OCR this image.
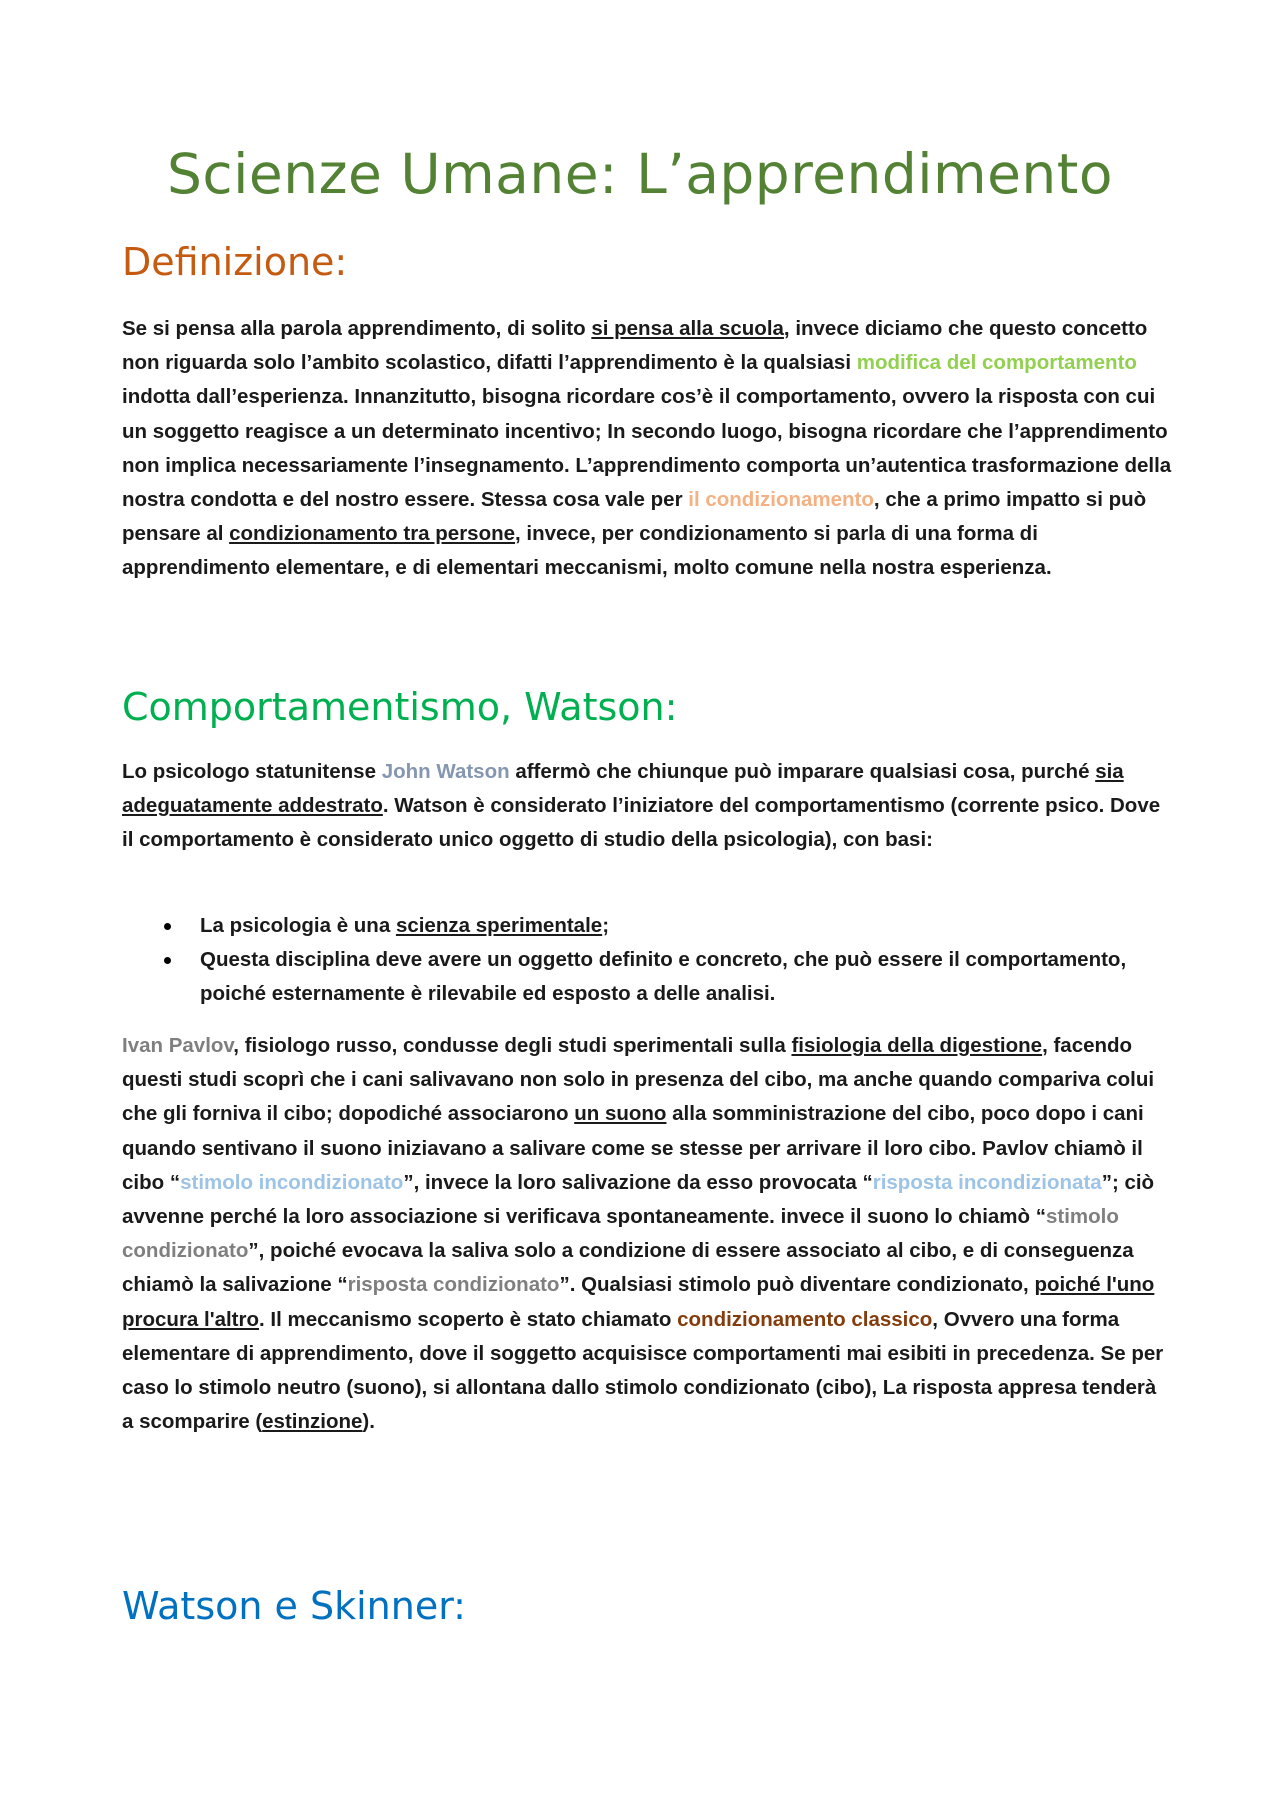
Scienze Umane: L’apprendimento
Definizione:

Se si pensa alla parola apprendimento, di solito si pensa alla scuola, invece diciamo che questo concetto non riguarda solo l’ambito scolastico, difatti l’apprendimento è la qualsiasi modifica del comportamento indotta dall’esperienza. Innanzitutto, bisogna ricordare cos’è il comportamento, ovvero la risposta con cui un soggetto reagisce a un determinato incentivo; In secondo luogo, bisogna ricordare che l’apprendimento non implica necessariamente l’insegnamento. L’apprendimento comporta un’autentica trasformazione della nostra condotta e del nostro essere. Stessa cosa vale per il condizionamento, che a primo impatto si può pensare al condizionamento tra persone, invece, per condizionamento si parla di una forma di apprendimento elementare, e di elementari meccanismi, molto comune nella nostra esperienza.

Comportamentismo, Watson:

Lo psicologo statunitense John Watson affermò che chiunque può imparare qualsiasi cosa, purché sia adeguatamente addestrato. Watson è considerato l’iniziatore del comportamentismo (corrente psico. Dove il comportamento è considerato unico oggetto di studio della psicologia), con basi:

La psicologia è una scienza sperimentale;
Questa disciplina deve avere un oggetto definito e concreto, che può essere il comportamento, poiché esternamente è rilevabile ed esposto a delle analisi.

Ivan Pavlov, fisiologo russo, condusse degli studi sperimentali sulla fisiologia della digestione, facendo questi studi scoprì che i cani salivavano non solo in presenza del cibo, ma anche quando compariva colui che gli forniva il cibo; dopodiché associarono un suono alla somministrazione del cibo, poco dopo i cani quando sentivano il suono iniziavano a salivare come se stesse per arrivare il loro cibo. Pavlov chiamò il cibo “stimolo incondizionato”, invece la loro salivazione da esso provocata “risposta incondizionata”; ciò avvenne perché la loro associazione si verificava spontaneamente. invece il suono lo chiamò “stimolo condizionato”, poiché evocava la saliva solo a condizione di essere associato al cibo, e di conseguenza chiamò la salivazione “risposta condizionato”. Qualsiasi stimolo può diventare condizionato, poiché l'uno procura l'altro. Il meccanismo scoperto è stato chiamato condizionamento classico, Ovvero una forma elementare di apprendimento, dove il soggetto acquisisce comportamenti mai esibiti in precedenza. Se per caso lo stimolo neutro (suono), si allontana dallo stimolo condizionato (cibo), La risposta appresa tenderà a scomparire (estinzione).

Watson e Skinner:
